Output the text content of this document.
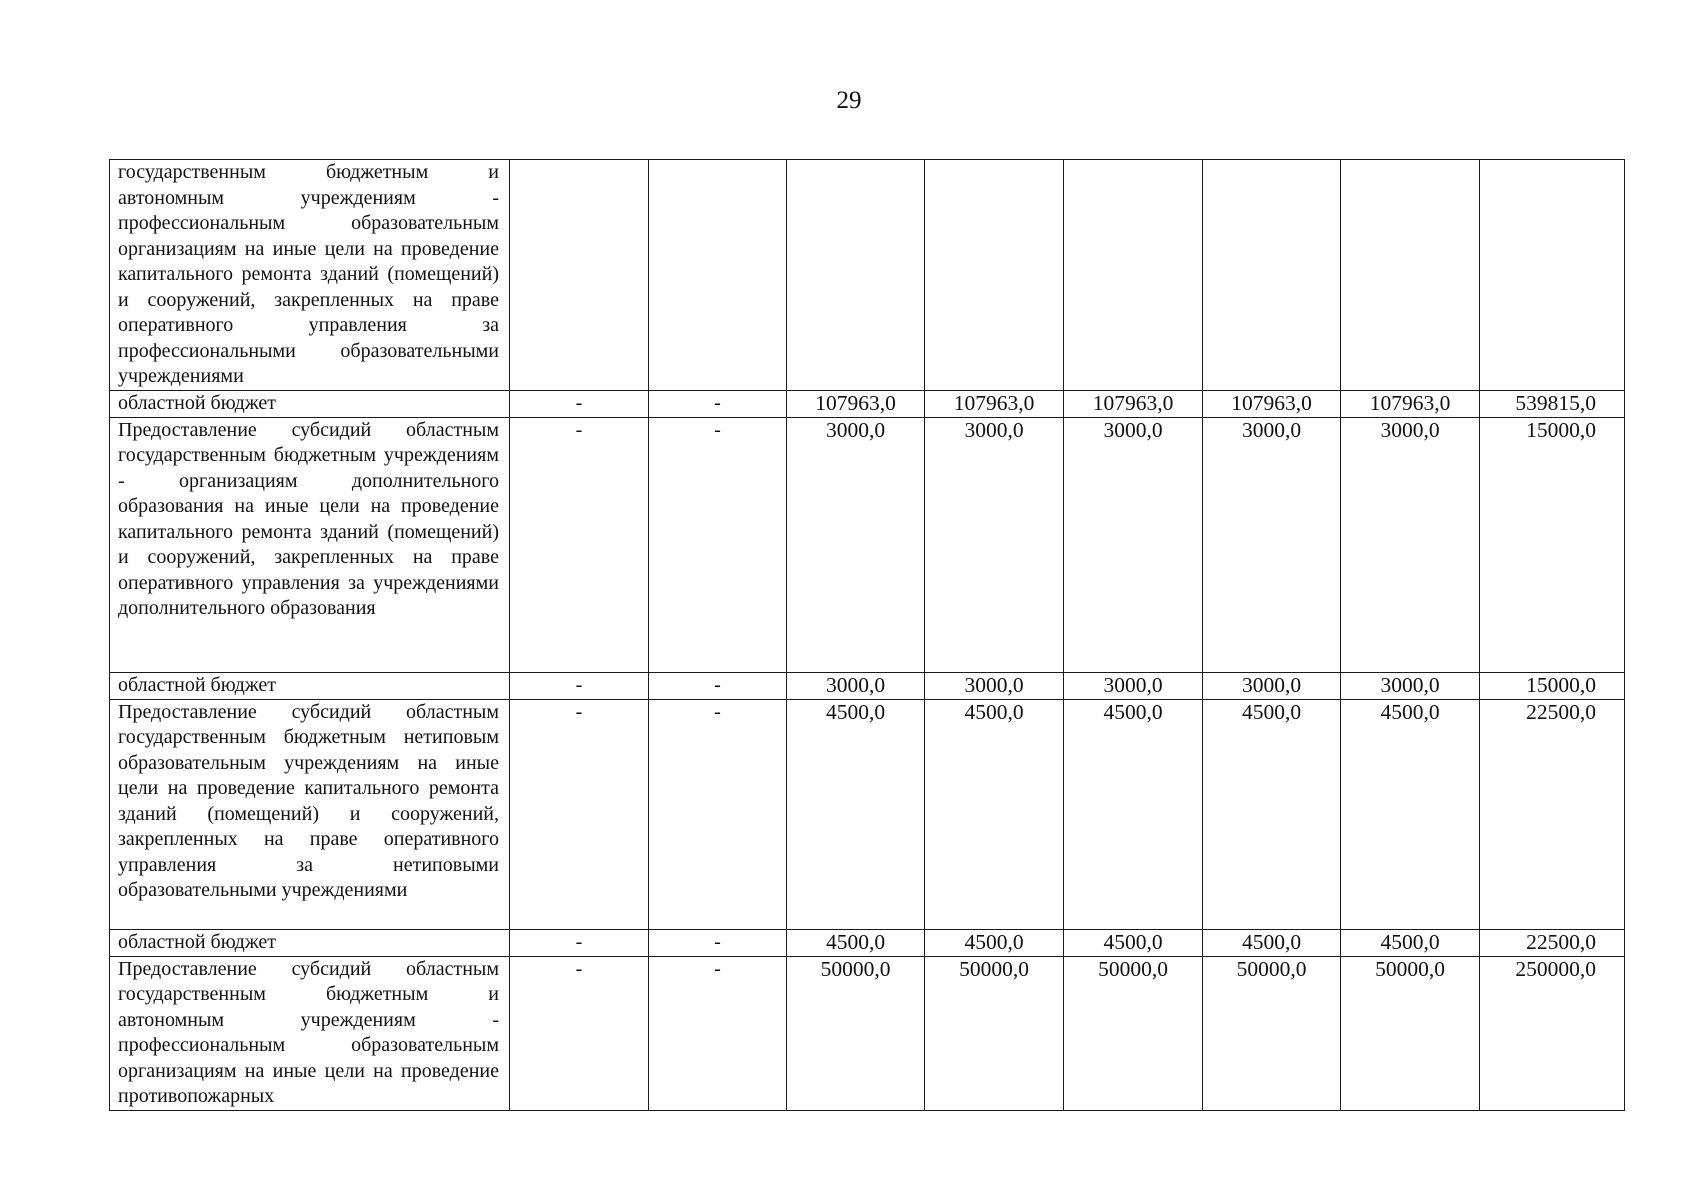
29
государственным бюджетным и автономным учреждениям - профессиональным образовательным организациям на иные цели на проведение капитального ремонта зданий (помещений) и сооружений, закрепленных на праве оперативного управления за профессиональными образовательными учреждениями								
областной бюджет	-	-	107963,0	107963,0	107963,0	107963,0	107963,0	539815,0
Предоставление субсидий областным государственным бюджетным учреждениям - организациям дополнительного образования на иные цели на проведение капитального ремонта зданий (помещений) и сооружений, закрепленных на праве оперативного управления за учреждениями дополнительного образования	-	-	3000,0	3000,0	3000,0	3000,0	3000,0	15000,0
областной бюджет	-	-	3000,0	3000,0	3000,0	3000,0	3000,0	15000,0
Предоставление субсидий областным государственным бюджетным нетиповым образовательным учреждениям на иные цели на проведение капитального ремонта зданий (помещений) и сооружений, закрепленных на праве оперативного управления за нетиповыми образовательными учреждениями	-	-	4500,0	4500,0	4500,0	4500,0	4500,0	22500,0
областной бюджет	-	-	4500,0	4500,0	4500,0	4500,0	4500,0	22500,0
Предоставление субсидий областным государственным бюджетным и автономным учреждениям - профессиональным образовательным организациям на иные цели на проведение противопожарных	-	-	50000,0	50000,0	50000,0	50000,0	50000,0	250000,0
